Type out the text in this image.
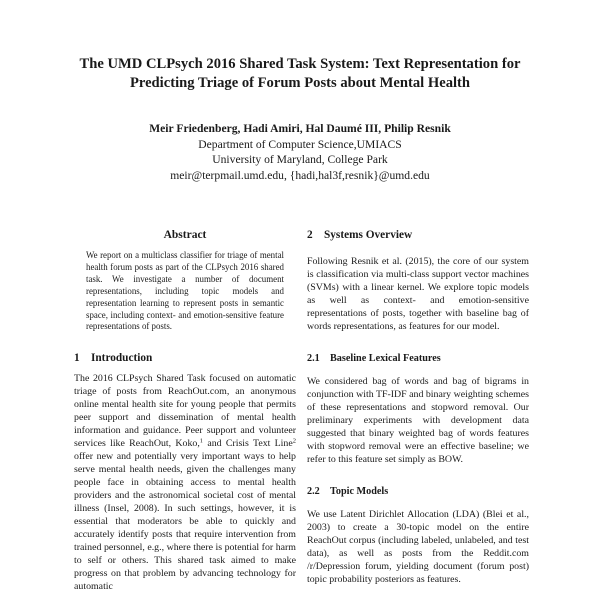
The UMD CLPsych 2016 Shared Task System: Text Representation for
Predicting Triage of Forum Posts about Mental Health
Meir Friedenberg, Hadi Amiri, Hal Daumé III, Philip Resnik
Department of Computer Science,UMIACS
University of Maryland, College Park
meir@terpmail.umd.edu, {hadi,hal3f,resnik}@umd.edu
Abstract

We report on a multiclass classifier for triage of mental health forum posts as part of the CLPsych 2016 shared task. We investigate a number of document representations, including topic models and representation learning to represent posts in semantic space, including context- and emotion-sensitive feature representations of posts.

1 Introduction

The 2016 CLPsych Shared Task focused on automatic triage of posts from ReachOut.com, an anonymous online mental health site for young people that permits peer support and dissemination of mental health information and guidance. Peer support and volunteer services like ReachOut, Koko,$^1$ and Crisis Text Line$^2$ offer new and potentially very important ways to help serve mental health needs, given the challenges many people face in obtaining access to mental health providers and the astronomical societal cost of mental illness (Insel, 2008). In such settings, however, it is essential that moderators be able to quickly and accurately identify posts that require intervention from trained personnel, e.g., where there is potential for harm to self or others. This shared task aimed to make progress on that problem by advancing technology for automatic

2 Systems Overview

Following Resnik et al. (2015), the core of our system is classification via multi-class support vector machines (SVMs) with a linear kernel. We explore topic models as well as context- and emotion-sensitive representations of posts, together with baseline bag of words representations, as features for our model.

2.1 Baseline Lexical Features

We considered bag of words and bag of bigrams in conjunction with TF-IDF and binary weighting schemes of these representations and stopword removal. Our preliminary experiments with development data suggested that binary weighted bag of words features with stopword removal were an effective baseline; we refer to this feature set simply as BOW.

2.2 Topic Models

We use Latent Dirichlet Allocation (LDA) (Blei et al., 2003) to create a 30-topic model on the entire ReachOut corpus (including labeled, unlabeled, and test data), as well as posts from the Reddit.com /r/Depression forum, yielding document (forum post) topic probability posteriors as features.
